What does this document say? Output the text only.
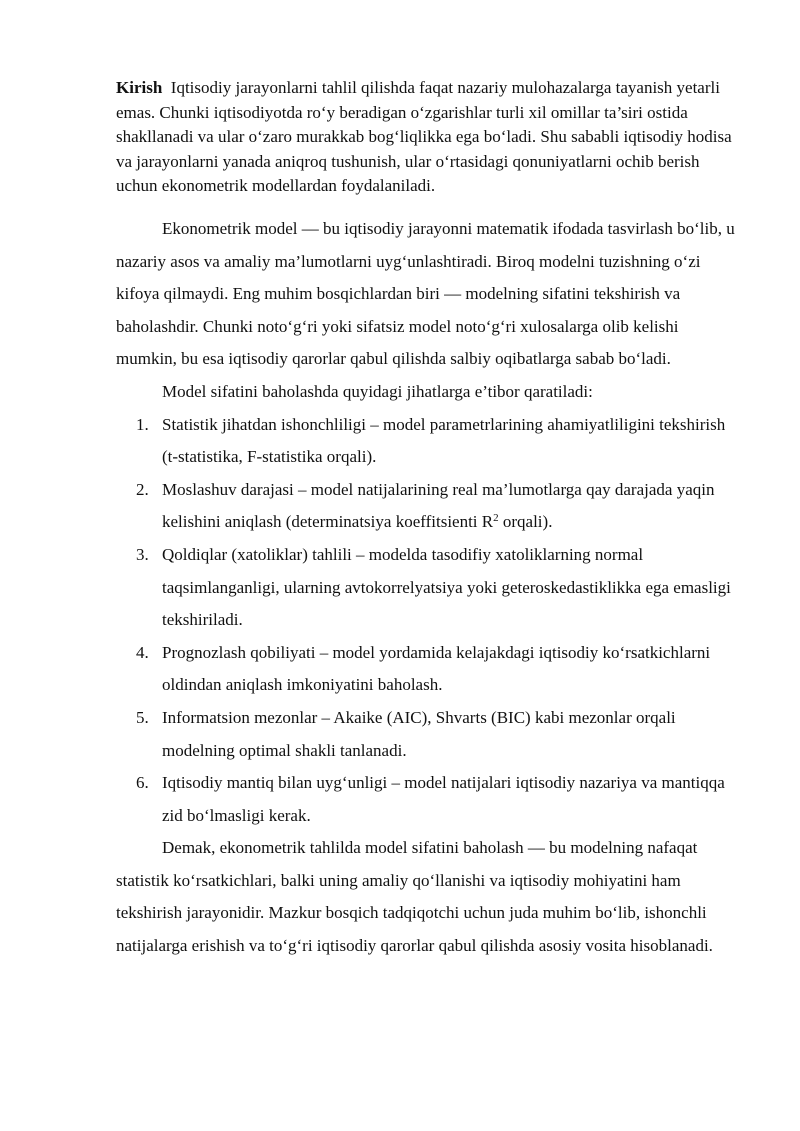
Kirish Iqtisodiy jarayonlarni tahlil qilishda faqat nazariy mulohazalarga tayanish yetarli emas. Chunki iqtisodiyotda ro‘y beradigan o‘zgarishlar turli xil omillar ta’siri ostida shakllanadi va ular o‘zaro murakkab bog‘liqlikka ega bo‘ladi. Shu sababli iqtisodiy hodisa va jarayonlarni yanada aniqroq tushunish, ular o‘rtasidagi qonuniyatlarni ochib berish uchun ekonometrik modellardan foydalaniladi.

Ekonometrik model — bu iqtisodiy jarayonni matematik ifodada tasvirlash bo‘lib, u nazariy asos va amaliy ma’lumotlarni uyg‘unlashtiradi. Biroq modelni tuzishning o‘zi kifoya qilmaydi. Eng muhim bosqichlardan biri — modelning sifatini tekshirish va baholashdir. Chunki noto‘g‘ri yoki sifatsiz model noto‘g‘ri xulosalarga olib kelishi mumkin, bu esa iqtisodiy qarorlar qabul qilishda salbiy oqibatlarga sabab bo‘ladi.

Model sifatini baholashda quyidagi jihatlarga e’tibor qaratiladi:

1. Statistik jihatdan ishonchliligi – model parametrlarining ahamiyatliligini tekshirish (t-statistika, F-statistika orqali).
2. Moslashuv darajasi – model natijalarining real ma’lumotlarga qay darajada yaqin kelishini aniqlash (determinatsiya koeffitsienti $R^2$ orqali).
3. Qoldiqlar (xatoliklar) tahlili – modelda tasodifiy xatoliklarning normal taqsimlanganligi, ularning avtokorrelyatsiya yoki geteroskedastiklikka ega emasligi tekshiriladi.
4. Prognozlash qobiliyati – model yordamida kelajakdagi iqtisodiy ko‘rsatkichlarni oldindan aniqlash imkoniyatini baholash.
5. Informatsion mezonlar – Akaike (AIC), Shvarts (BIC) kabi mezonlar orqali modelning optimal shakli tanlanadi.
6. Iqtisodiy mantiq bilan uyg‘unligi – model natijalari iqtisodiy nazariya va mantiqqa zid bo‘lmasligi kerak.

Demak, ekonometrik tahlilda model sifatini baholash — bu modelning nafaqat statistik ko‘rsatkichlari, balki uning amaliy qo‘llanishi va iqtisodiy mohiyatini ham tekshirish jarayonidir. Mazkur bosqich tadqiqotchi uchun juda muhim bo‘lib, ishonchli natijalarga erishish va to‘g‘ri iqtisodiy qarorlar qabul qilishda asosiy vosita hisoblanadi.
